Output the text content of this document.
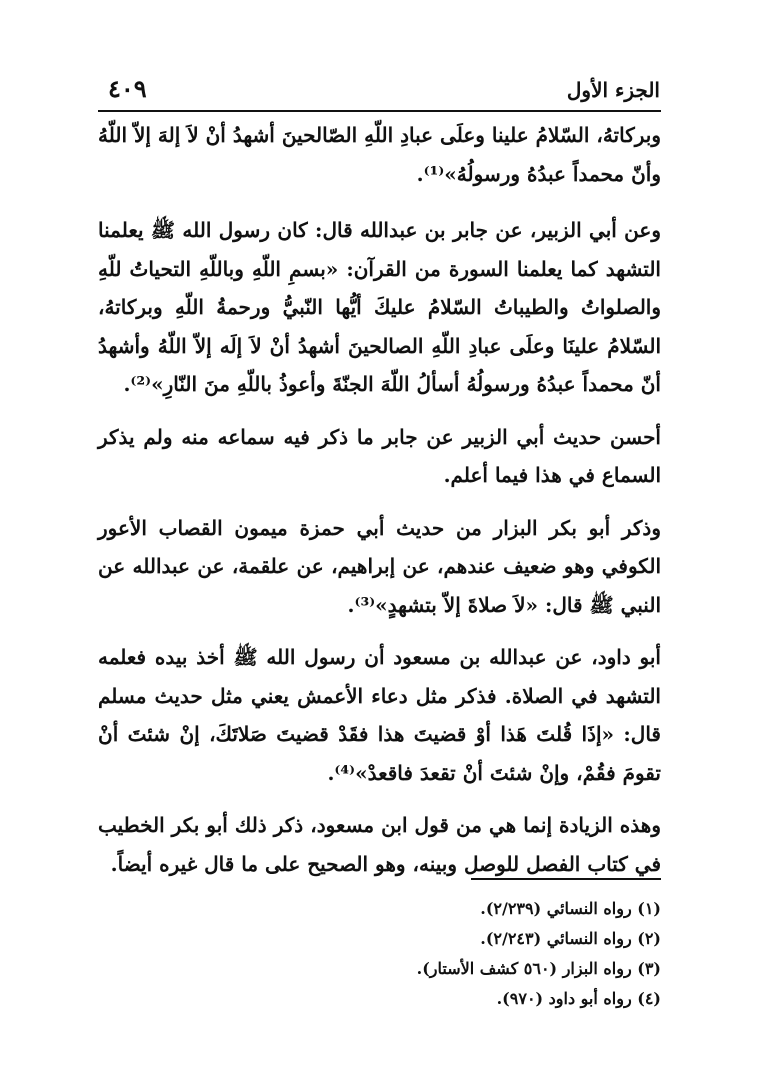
الجزء الأول
٤٠٩

وبركاتهُ، السّلامُ علينا وعلَى عبادِ اللّهِ الصّالحينَ أشهدُ أنْ لاَ إلهَ إلاّ اللّهُ وأنّ محمداً عبدُهُ ورسولُهُ»⁽¹⁾.

وعن أبي الزبير، عن جابر بن عبدالله قال: كان رسول الله ﷺ يعلمنا التشهد كما يعلمنا السورة من القرآن: «بسمِ اللّهِ وباللّهِ التحياتُ للّهِ والصلواتُ والطيباتُ السّلامُ عليكَ أيُّها النّبيُّ ورحمةُ اللّهِ وبركاتهُ، السّلامُ علينَا وعلَى عبادِ اللّهِ الصالحينَ أشهدُ أنْ لاَ إلَه إلاّ اللّهُ وأشهدُ أنّ محمداً عبدُهُ ورسولُهُ أسألُ اللّهَ الجنّةَ وأعوذُ باللّهِ منَ النّارِ»⁽²⁾.

أحسن حديث أبي الزبير عن جابر ما ذكر فيه سماعه منه ولم يذكر السماع في هذا فيما أعلم.

وذكر أبو بكر البزار من حديث أبي حمزة ميمون القصاب الأعور الكوفي وهو ضعيف عندهم، عن إبراهيم، عن علقمة، عن عبدالله عن النبي ﷺ قال: «لاَ صلاةَ إلاّ بتشهدٍ»⁽³⁾.

أبو داود، عن عبدالله بن مسعود أن رسول الله ﷺ أخذ بيده فعلمه التشهد في الصلاة. فذكر مثل دعاء الأعمش يعني مثل حديث مسلم قال: «إذَا قُلتَ هَذا أوْ قضيتَ هذا فقَدْ قضيتَ صَلاتَكَ، إنْ شئتَ أنْ تقومَ فقُمْ، وإنْ شئتَ أنْ تقعدَ فاقعدْ»⁽⁴⁾.

وهذه الزيادة إنما هي من قول ابن مسعود، ذكر ذلك أبو بكر الخطيب في كتاب الفصل للوصل وبينه، وهو الصحيح على ما قال غيره أيضاً.

(١) رواه النسائي (٢/٢٣٩).
(٢) رواه النسائي (٢/٢٤٣).
(٣) رواه البزار (٥٦٠ كشف الأستار).
(٤) رواه أبو داود (٩٧٠).
